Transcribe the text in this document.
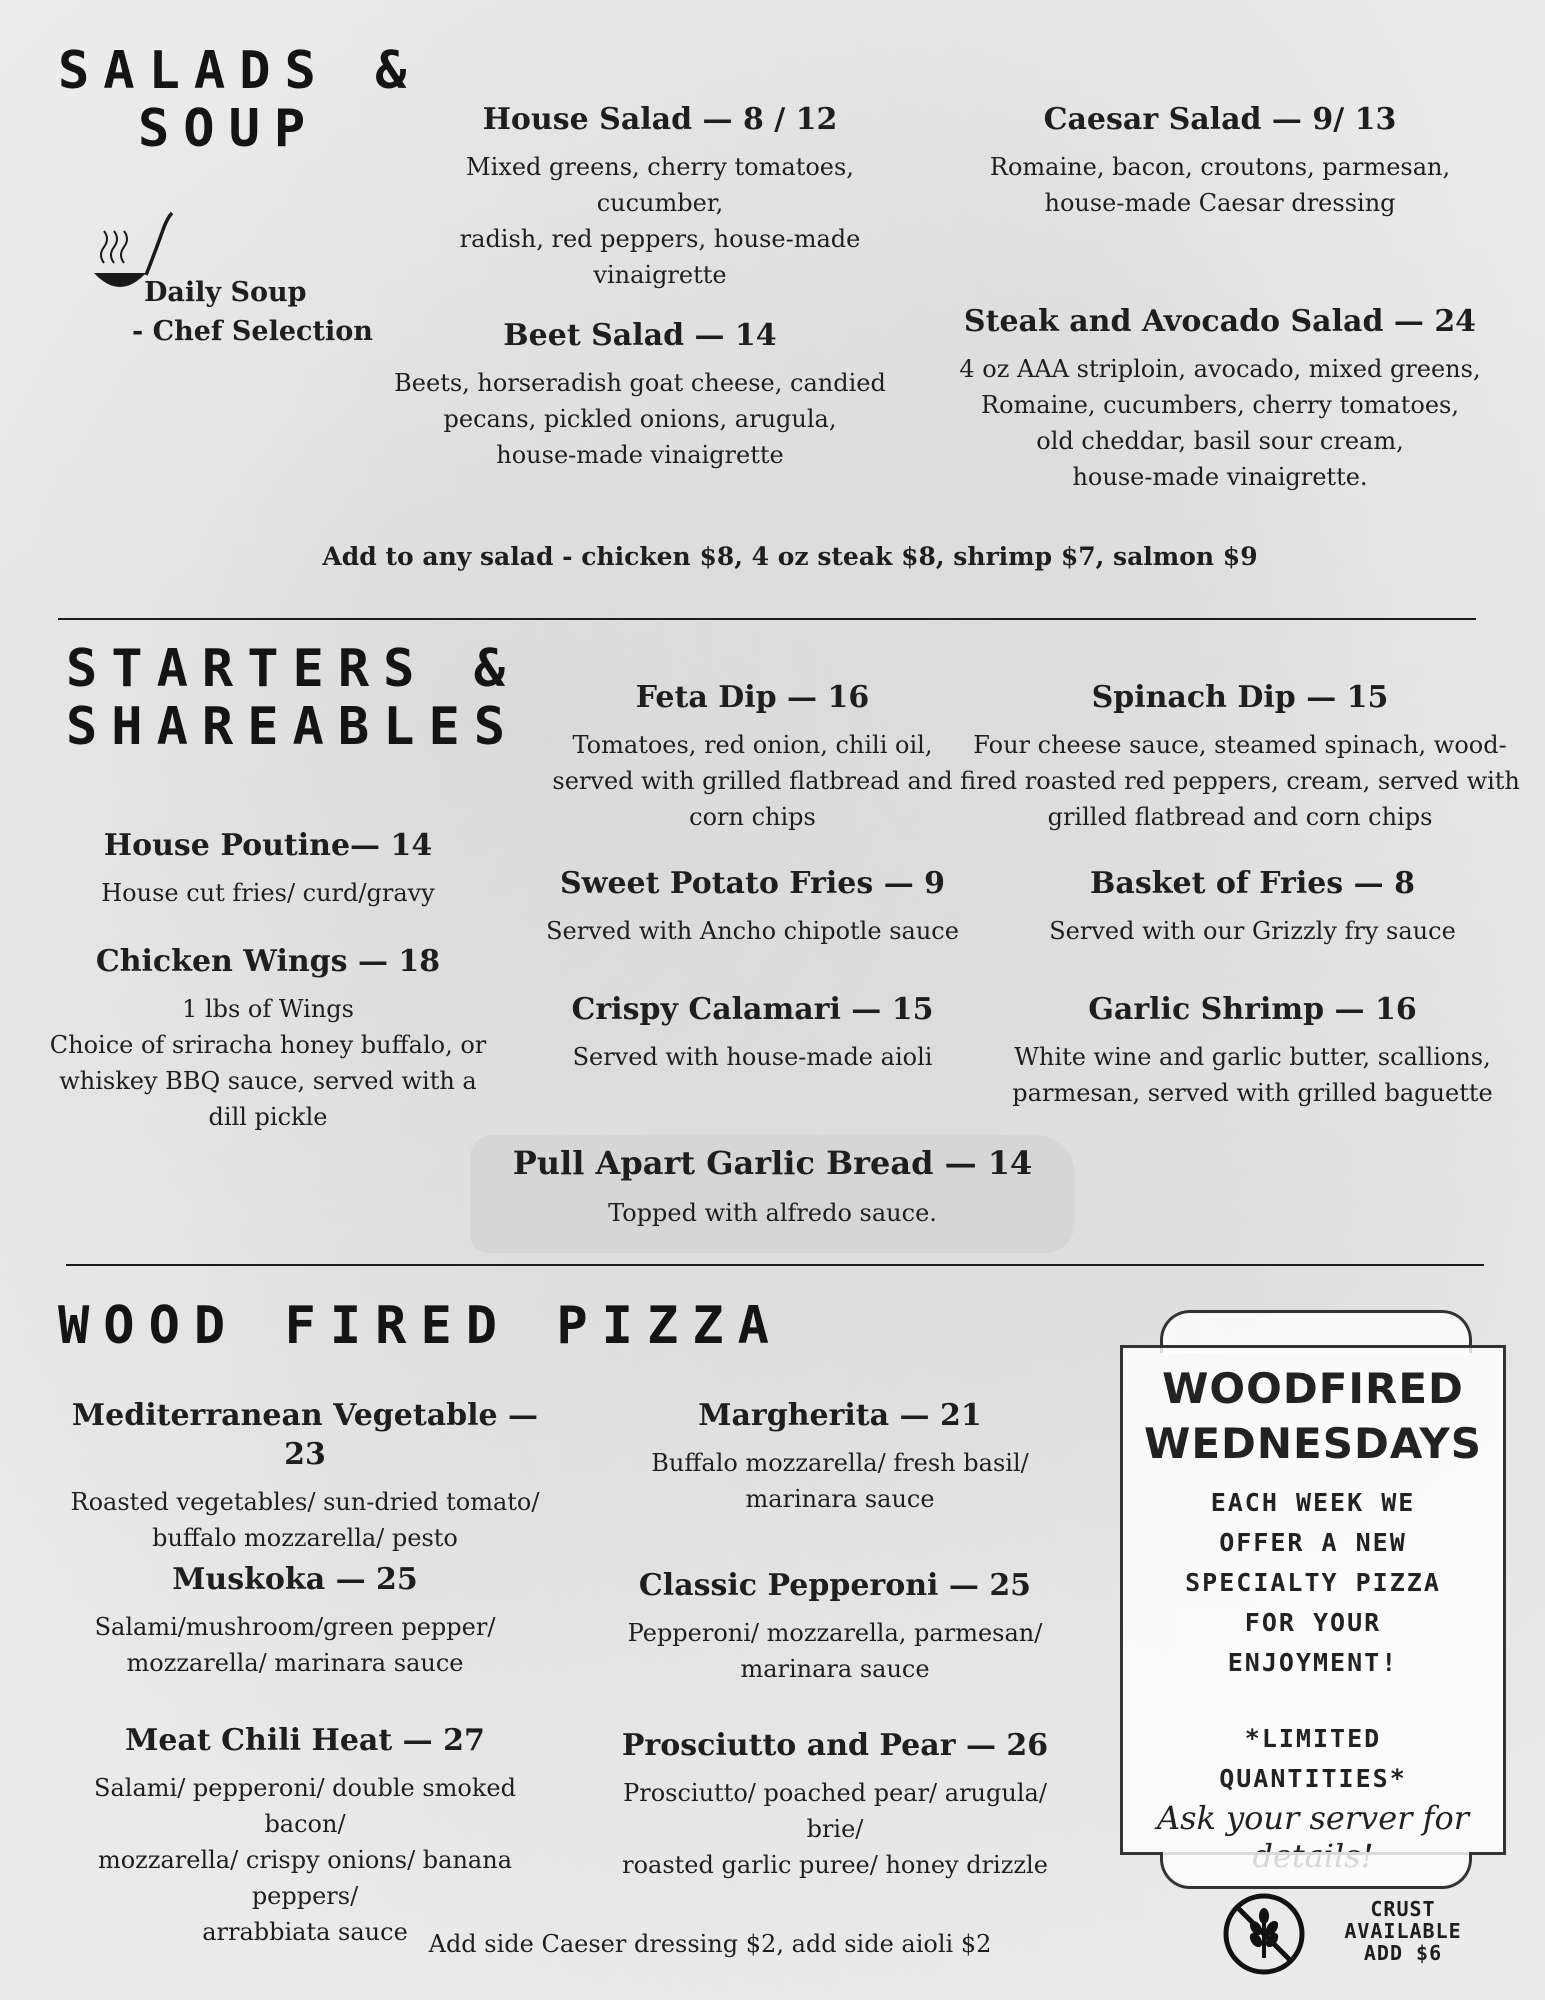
SALADS &
SOUP
Daily Soup
- Chef Selection
House Salad — 8 / 12
Mixed greens, cherry tomatoes, cucumber,
radish, red peppers, house-made
vinaigrette
Caesar Salad — 9/ 13
Romaine, bacon, croutons, parmesan,
house-made Caesar dressing
Beet Salad — 14
Beets, horseradish goat cheese, candied
pecans, pickled onions, arugula,
house-made vinaigrette
Steak and Avocado Salad — 24
4 oz AAA striploin, avocado, mixed greens,
Romaine, cucumbers, cherry tomatoes,
old cheddar, basil sour cream,
house-made vinaigrette.
Add to any salad - chicken $8, 4 oz steak $8, shrimp $7, salmon $9
STARTERS &
SHAREABLES	Feta Dip — 16
Tomatoes, red onion, chili oil,
served with grilled flatbread and
corn chips
Spinach Dip — 15
Four cheese sauce, steamed spinach, wood-
fired roasted red peppers, cream, served with
grilled flatbread and corn chips
House Poutine— 14
House cut fries/ curd/gravy	Sweet Potato Fries — 9
Served with Ancho chipotle sauce
Basket of Fries — 8
Served with our Grizzly fry sauce
Chicken Wings — 18
1 lbs of Wings
Choice of sriracha honey buffalo, or
whiskey BBQ sauce, served with a
dill pickle
Crispy Calamari — 15
Served with house-made aioli
Garlic Shrimp — 16
White wine and garlic butter, scallions,
parmesan, served with grilled baguette
Pull Apart Garlic Bread — 14
Topped with alfredo sauce.
WOOD FIRED PIZZA
Mediterranean Vegetable — 23
Roasted vegetables/ sun-dried tomato/
buffalo mozzarella/ pesto
Margherita — 21
Buffalo mozzarella/ fresh basil/
marinara sauce
Muskoka — 25
Salami/mushroom/green pepper/
mozzarella/ marinara sauce
Classic Pepperoni — 25
Pepperoni/ mozzarella, parmesan/
marinara sauce
Meat Chili Heat — 27
Salami/ pepperoni/ double smoked bacon/
mozzarella/ crispy onions/ banana peppers/
arrabbiata sauce
Prosciutto and Pear — 26
Prosciutto/ poached pear/ arugula/ brie/
roasted garlic puree/ honey drizzle
Add side Caeser dressing $2, add side aioli $2
WOODFIRED
WEDNESDAYS
EACH WEEK WE
OFFER A NEW
SPECIALTY PIZZA
FOR YOUR
ENJOYMENT!
*LIMITED
QUANTITIES*
Ask your server for
CRUST
AVAILABLE
ADD $6
